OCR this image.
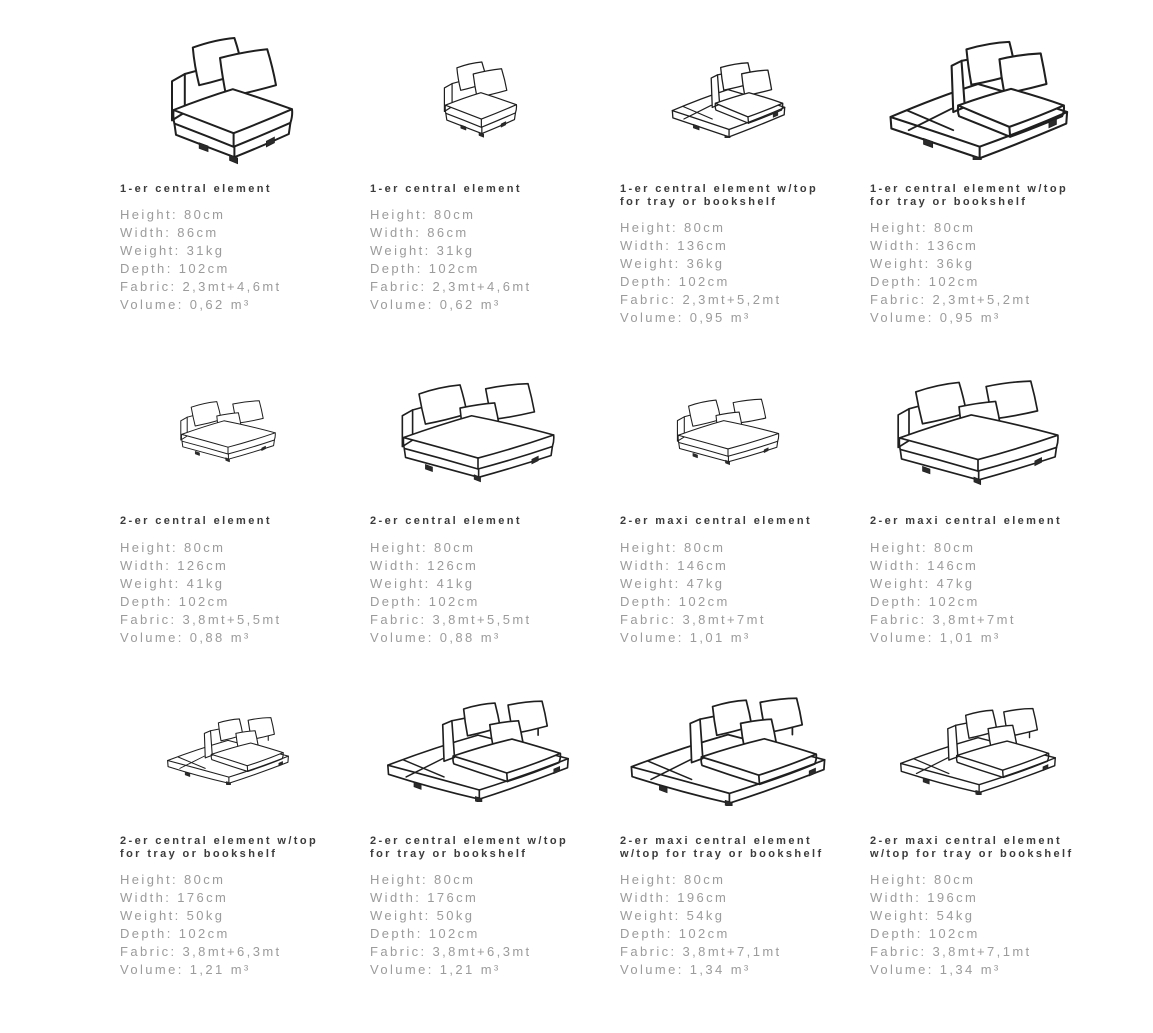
1-er central element

Height: 80cm

Width: 86cm

Weight: 31kg

Depth: 102cm

Fabric: 2,3mt+4,6mt

Volume: 0,62 m³

1-er central element

Height: 80cm

Width: 86cm

Weight: 31kg

Depth: 102cm

Fabric: 2,3mt+4,6mt

Volume: 0,62 m³

1-er central element w/top for tray or bookshelf

Height: 80cm

Width: 136cm

Weight: 36kg

Depth: 102cm

Fabric: 2,3mt+5,2mt

Volume: 0,95 m³

1-er central element w/top for tray or bookshelf

Height: 80cm

Width: 136cm

Weight: 36kg

Depth: 102cm

Fabric: 2,3mt+5,2mt

Volume: 0,95 m³

2-er central element

Height: 80cm

Width: 126cm

Weight: 41kg

Depth: 102cm

Fabric: 3,8mt+5,5mt

Volume: 0,88 m³

2-er central element

Height: 80cm

Width: 126cm

Weight: 41kg

Depth: 102cm

Fabric: 3,8mt+5,5mt

Volume: 0,88 m³

2-er maxi central element

Height: 80cm

Width: 146cm

Weight: 47kg

Depth: 102cm

Fabric: 3,8mt+7mt

Volume: 1,01 m³

2-er maxi central element

Height: 80cm

Width: 146cm

Weight: 47kg

Depth: 102cm

Fabric: 3,8mt+7mt

Volume: 1,01 m³

2-er central element w/top for tray or bookshelf

Height: 80cm

Width: 176cm

Weight: 50kg

Depth: 102cm

Fabric: 3,8mt+6,3mt

Volume: 1,21 m³

2-er central element w/top for tray or bookshelf

Height: 80cm

Width: 176cm

Weight: 50kg

Depth: 102cm

Fabric: 3,8mt+6,3mt

Volume: 1,21 m³

2-er maxi central element w/top for tray or bookshelf

Height: 80cm

Width: 196cm

Weight: 54kg

Depth: 102cm

Fabric: 3,8mt+7,1mt

Volume: 1,34 m³

2-er maxi central element w/top for tray or bookshelf

Height: 80cm

Width: 196cm

Weight: 54kg

Depth: 102cm

Fabric: 3,8mt+7,1mt

Volume: 1,34 m³
